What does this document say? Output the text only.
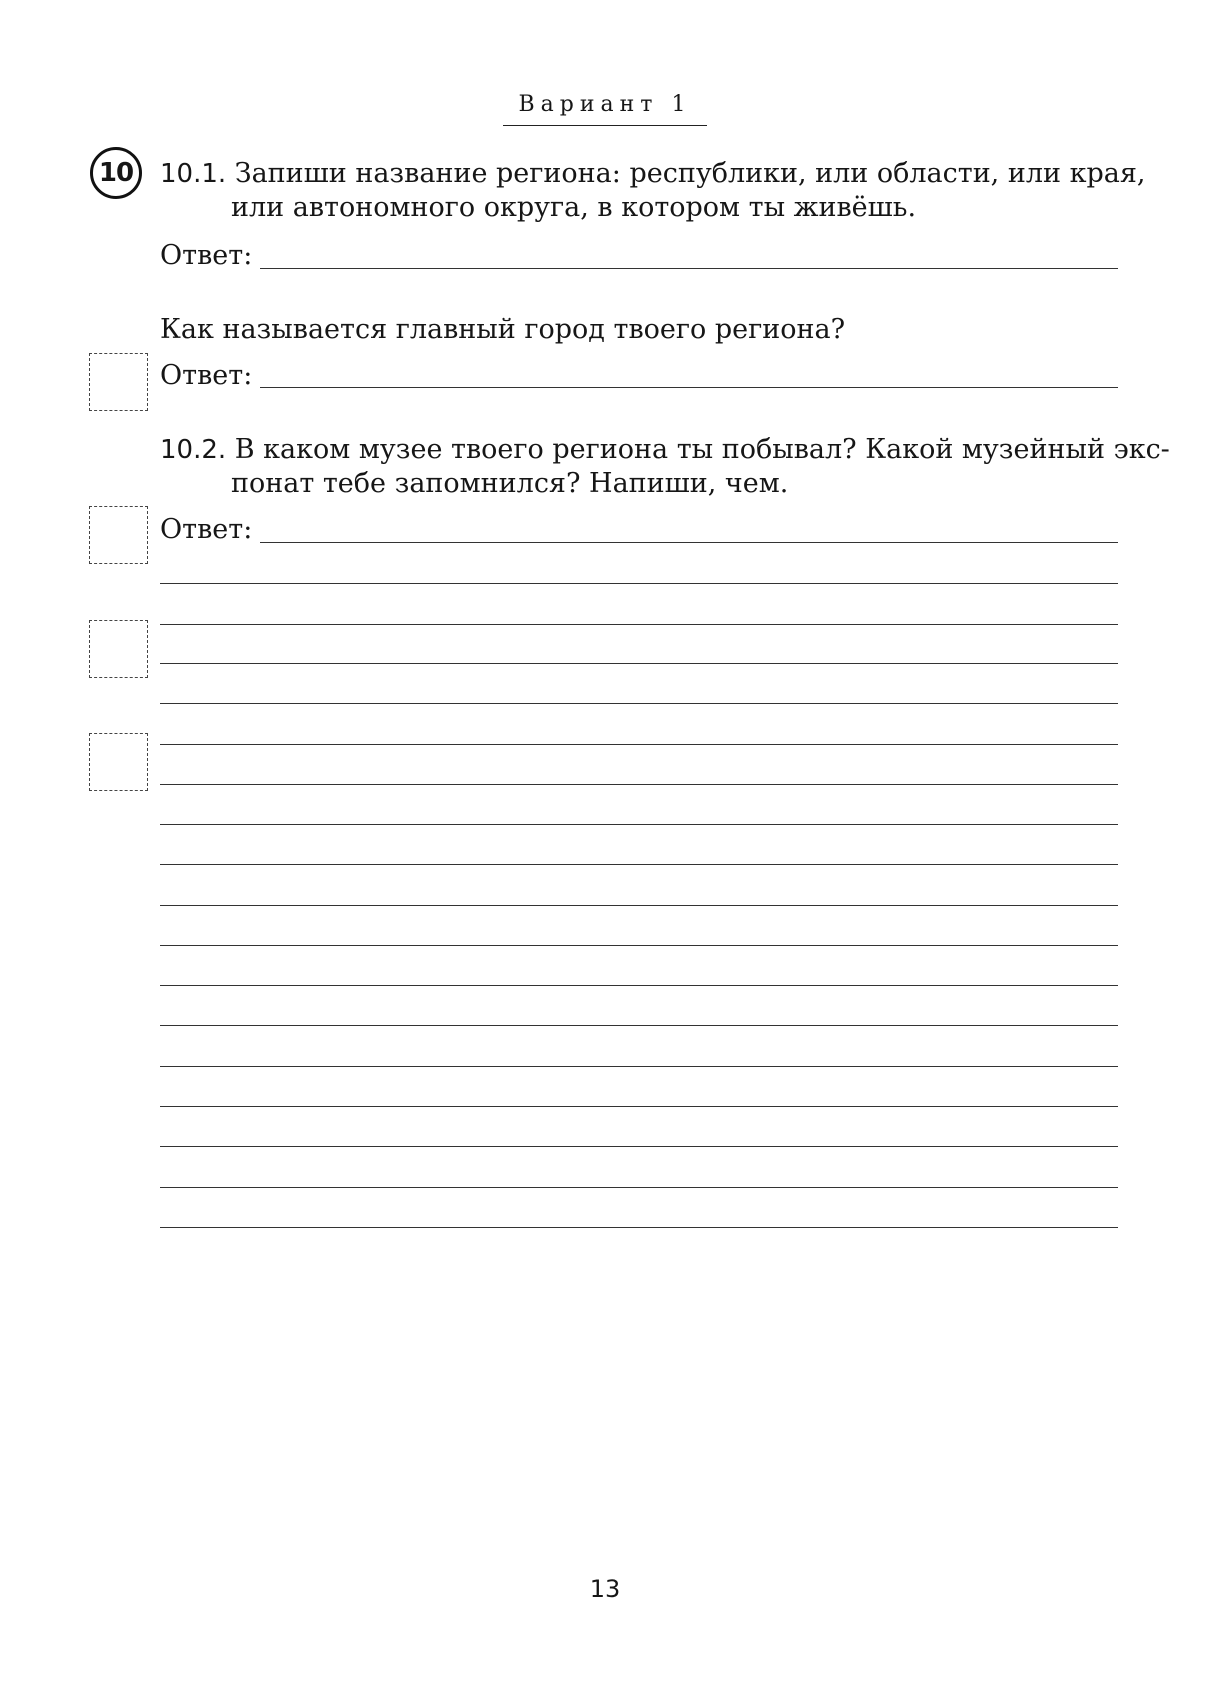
Вариант 1
10	10.1. Запиши название региона: республики, или области, или края,
или автономного округа, в котором ты живёшь.
Ответ:
Как называется главный город твоего региона?
Ответ:
10.2. В каком музее твоего региона ты побывал? Какой музейный экс-
понат тебе запомнился? Напиши, чем.
Ответ:
13
